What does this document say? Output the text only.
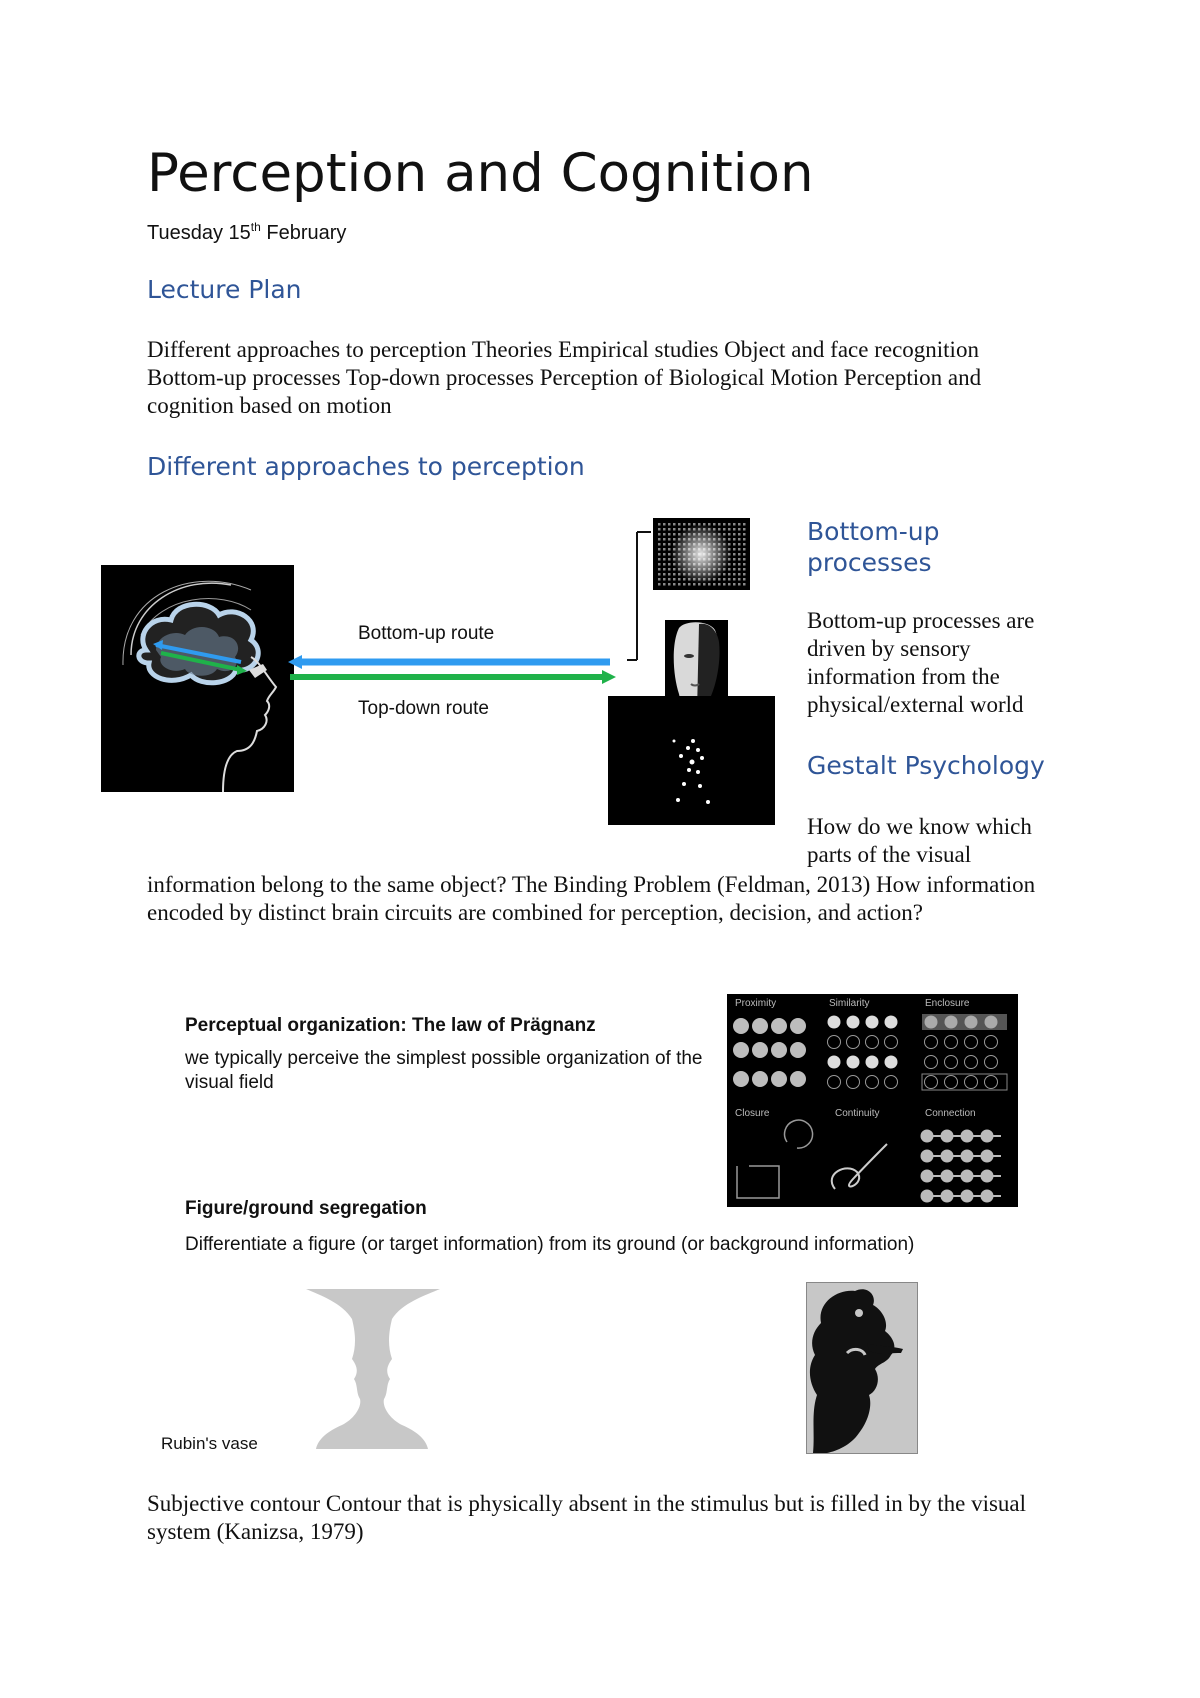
Perception and Cognition
Tuesday 15th February
Lecture Plan
Different approaches to perception Theories Empirical studies Object and face recognition Bottom-up processes Top-down processes Perception of Biological Motion Perception and cognition based on motion
Different approaches to perception
Bottom-up route
Top-down route
Bottom-up
processes
Bottom-up processes are driven by sensory information from the physical/external world
Gestalt Psychology
How do we know which parts of the visual
information belong to the same object? The Binding Problem (Feldman, 2013) How information encoded by distinct brain circuits are combined for perception, decision, and action?
Perceptual organization: The law of Prägnanz
we typically perceive the simplest possible organization of the visual field
Proximity	Similarity	Enclosure
Closure	Continuity	Connection
Figure/ground segregation
Differentiate a figure (or target information) from its ground (or background information)
Rubin's vase
Subjective contour Contour that is physically absent in the stimulus but is filled in by the visual system (Kanizsa, 1979)
